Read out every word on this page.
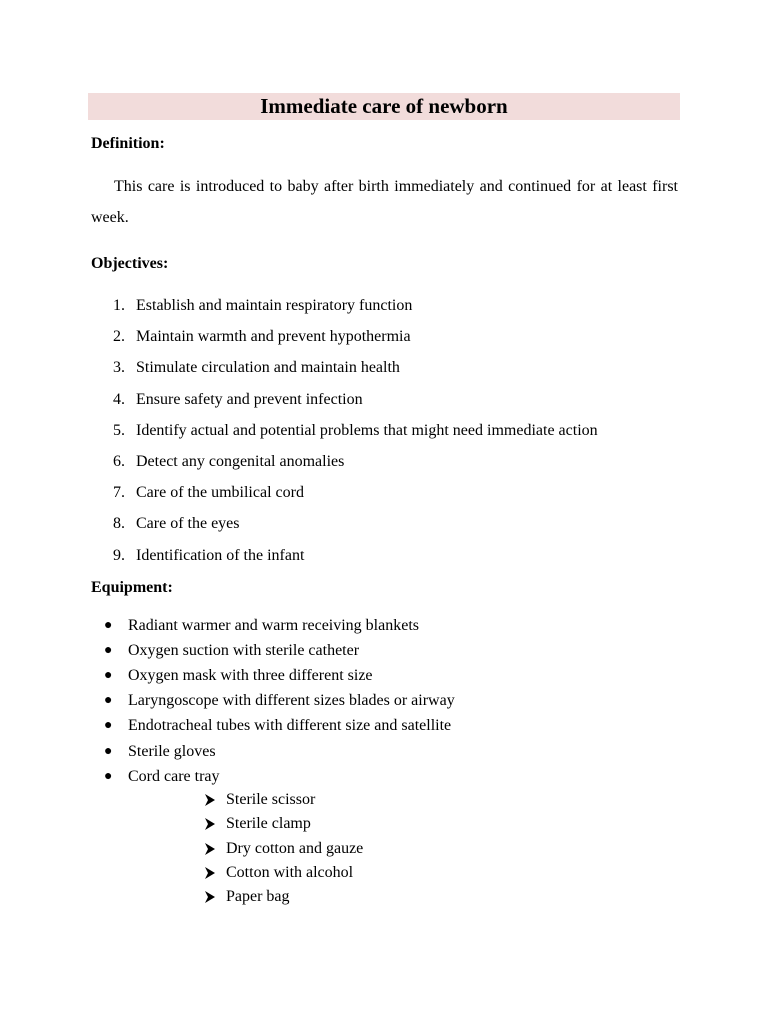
Immediate care of newborn
Definition:
This care is introduced to baby after birth immediately and continued for at least first week.
Objectives:
1. Establish and maintain respiratory function
2. Maintain warmth and prevent hypothermia
3. Stimulate circulation and maintain health
4. Ensure safety and prevent infection
5. Identify actual and potential problems that might need immediate action
6. Detect any congenital anomalies
7. Care of the umbilical cord
8. Care of the eyes
9. Identification of the infant
Equipment:
● Radiant warmer and warm receiving blankets
● Oxygen suction with sterile catheter
● Oxygen mask with three different size
● Laryngoscope with different sizes blades or airway
● Endotracheal tubes with different size and satellite
● Sterile gloves
● Cord care tray
Sterile scissor
Sterile clamp
Dry cotton and gauze
Cotton with alcohol
Paper bag
